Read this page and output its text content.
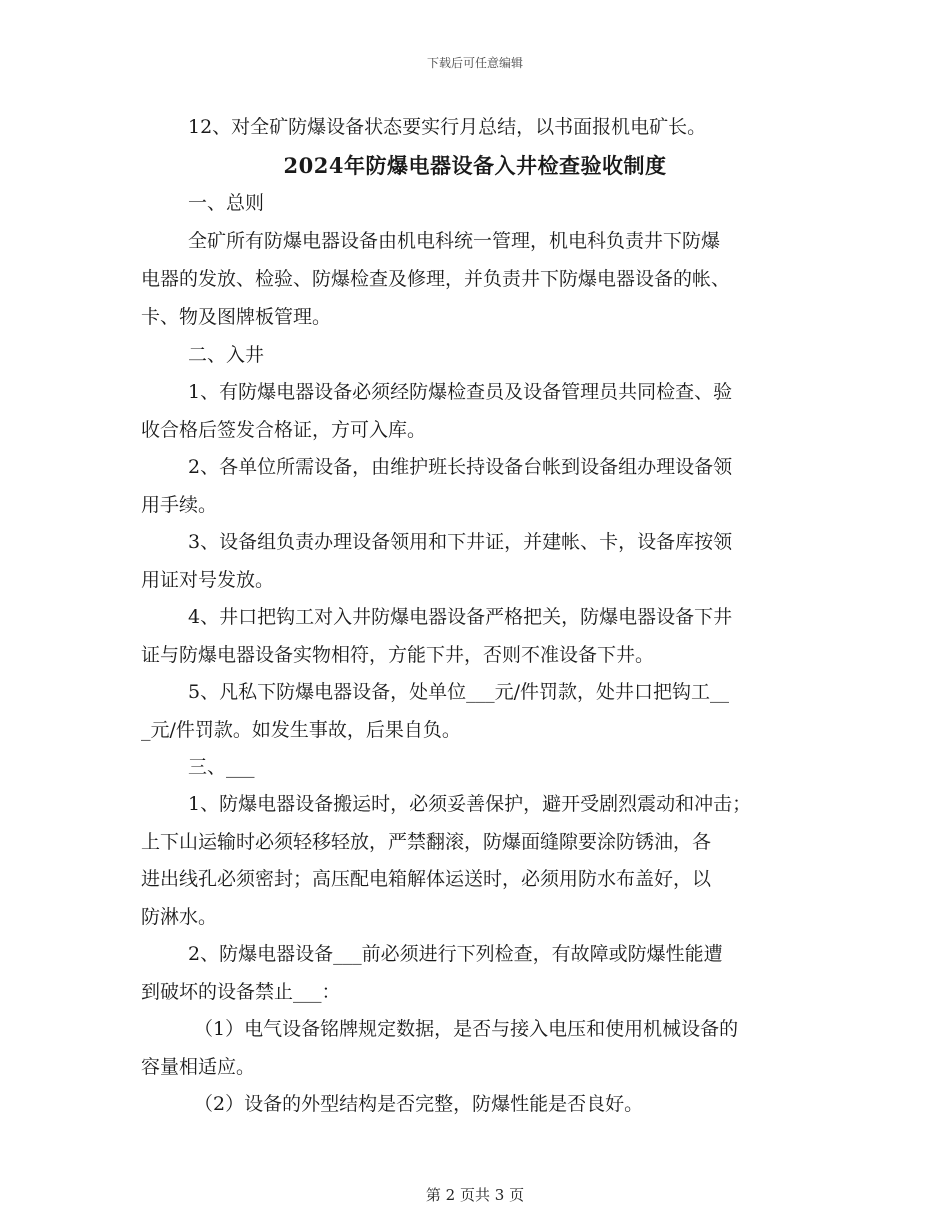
下载后可任意编辑
12、对全矿防爆设备状态要实行月总结，以书面报机电矿长。
2024年防爆电器设备入井检查验收制度
一、总则
全矿所有防爆电器设备由机电科统一管理，机电科负责井下防爆
电器的发放、检验、防爆检查及修理，并负责井下防爆电器设备的帐、
卡、物及图牌板管理。
二、入井
1、有防爆电器设备必须经防爆检查员及设备管理员共同检查、验
收合格后签发合格证，方可入库。
2、各单位所需设备，由维护班长持设备台帐到设备组办理设备领
用手续。
3、设备组负责办理设备领用和下井证，并建帐、卡，设备库按领
用证对号发放。
4、井口把钩工对入井防爆电器设备严格把关，防爆电器设备下井
证与防爆电器设备实物相符，方能下井，否则不准设备下井。
5、凡私下防爆电器设备，处单位___元/件罚款，处井口把钩工__
_元/件罚款。如发生事故，后果自负。
三、___
1、防爆电器设备搬运时，必须妥善保护，避开受剧烈震动和冲击；
上下山运输时必须轻移轻放，严禁翻滚，防爆面缝隙要涂防锈油，各
进出线孔必须密封；高压配电箱解体运送时，必须用防水布盖好，以
防淋水。
2、防爆电器设备___前必须进行下列检查，有故障或防爆性能遭
到破坏的设备禁止___：
（1）电气设备铭牌规定数据，是否与接入电压和使用机械设备的
容量相适应。
（2）设备的外型结构是否完整，防爆性能是否良好。
第 2 页共 3 页
